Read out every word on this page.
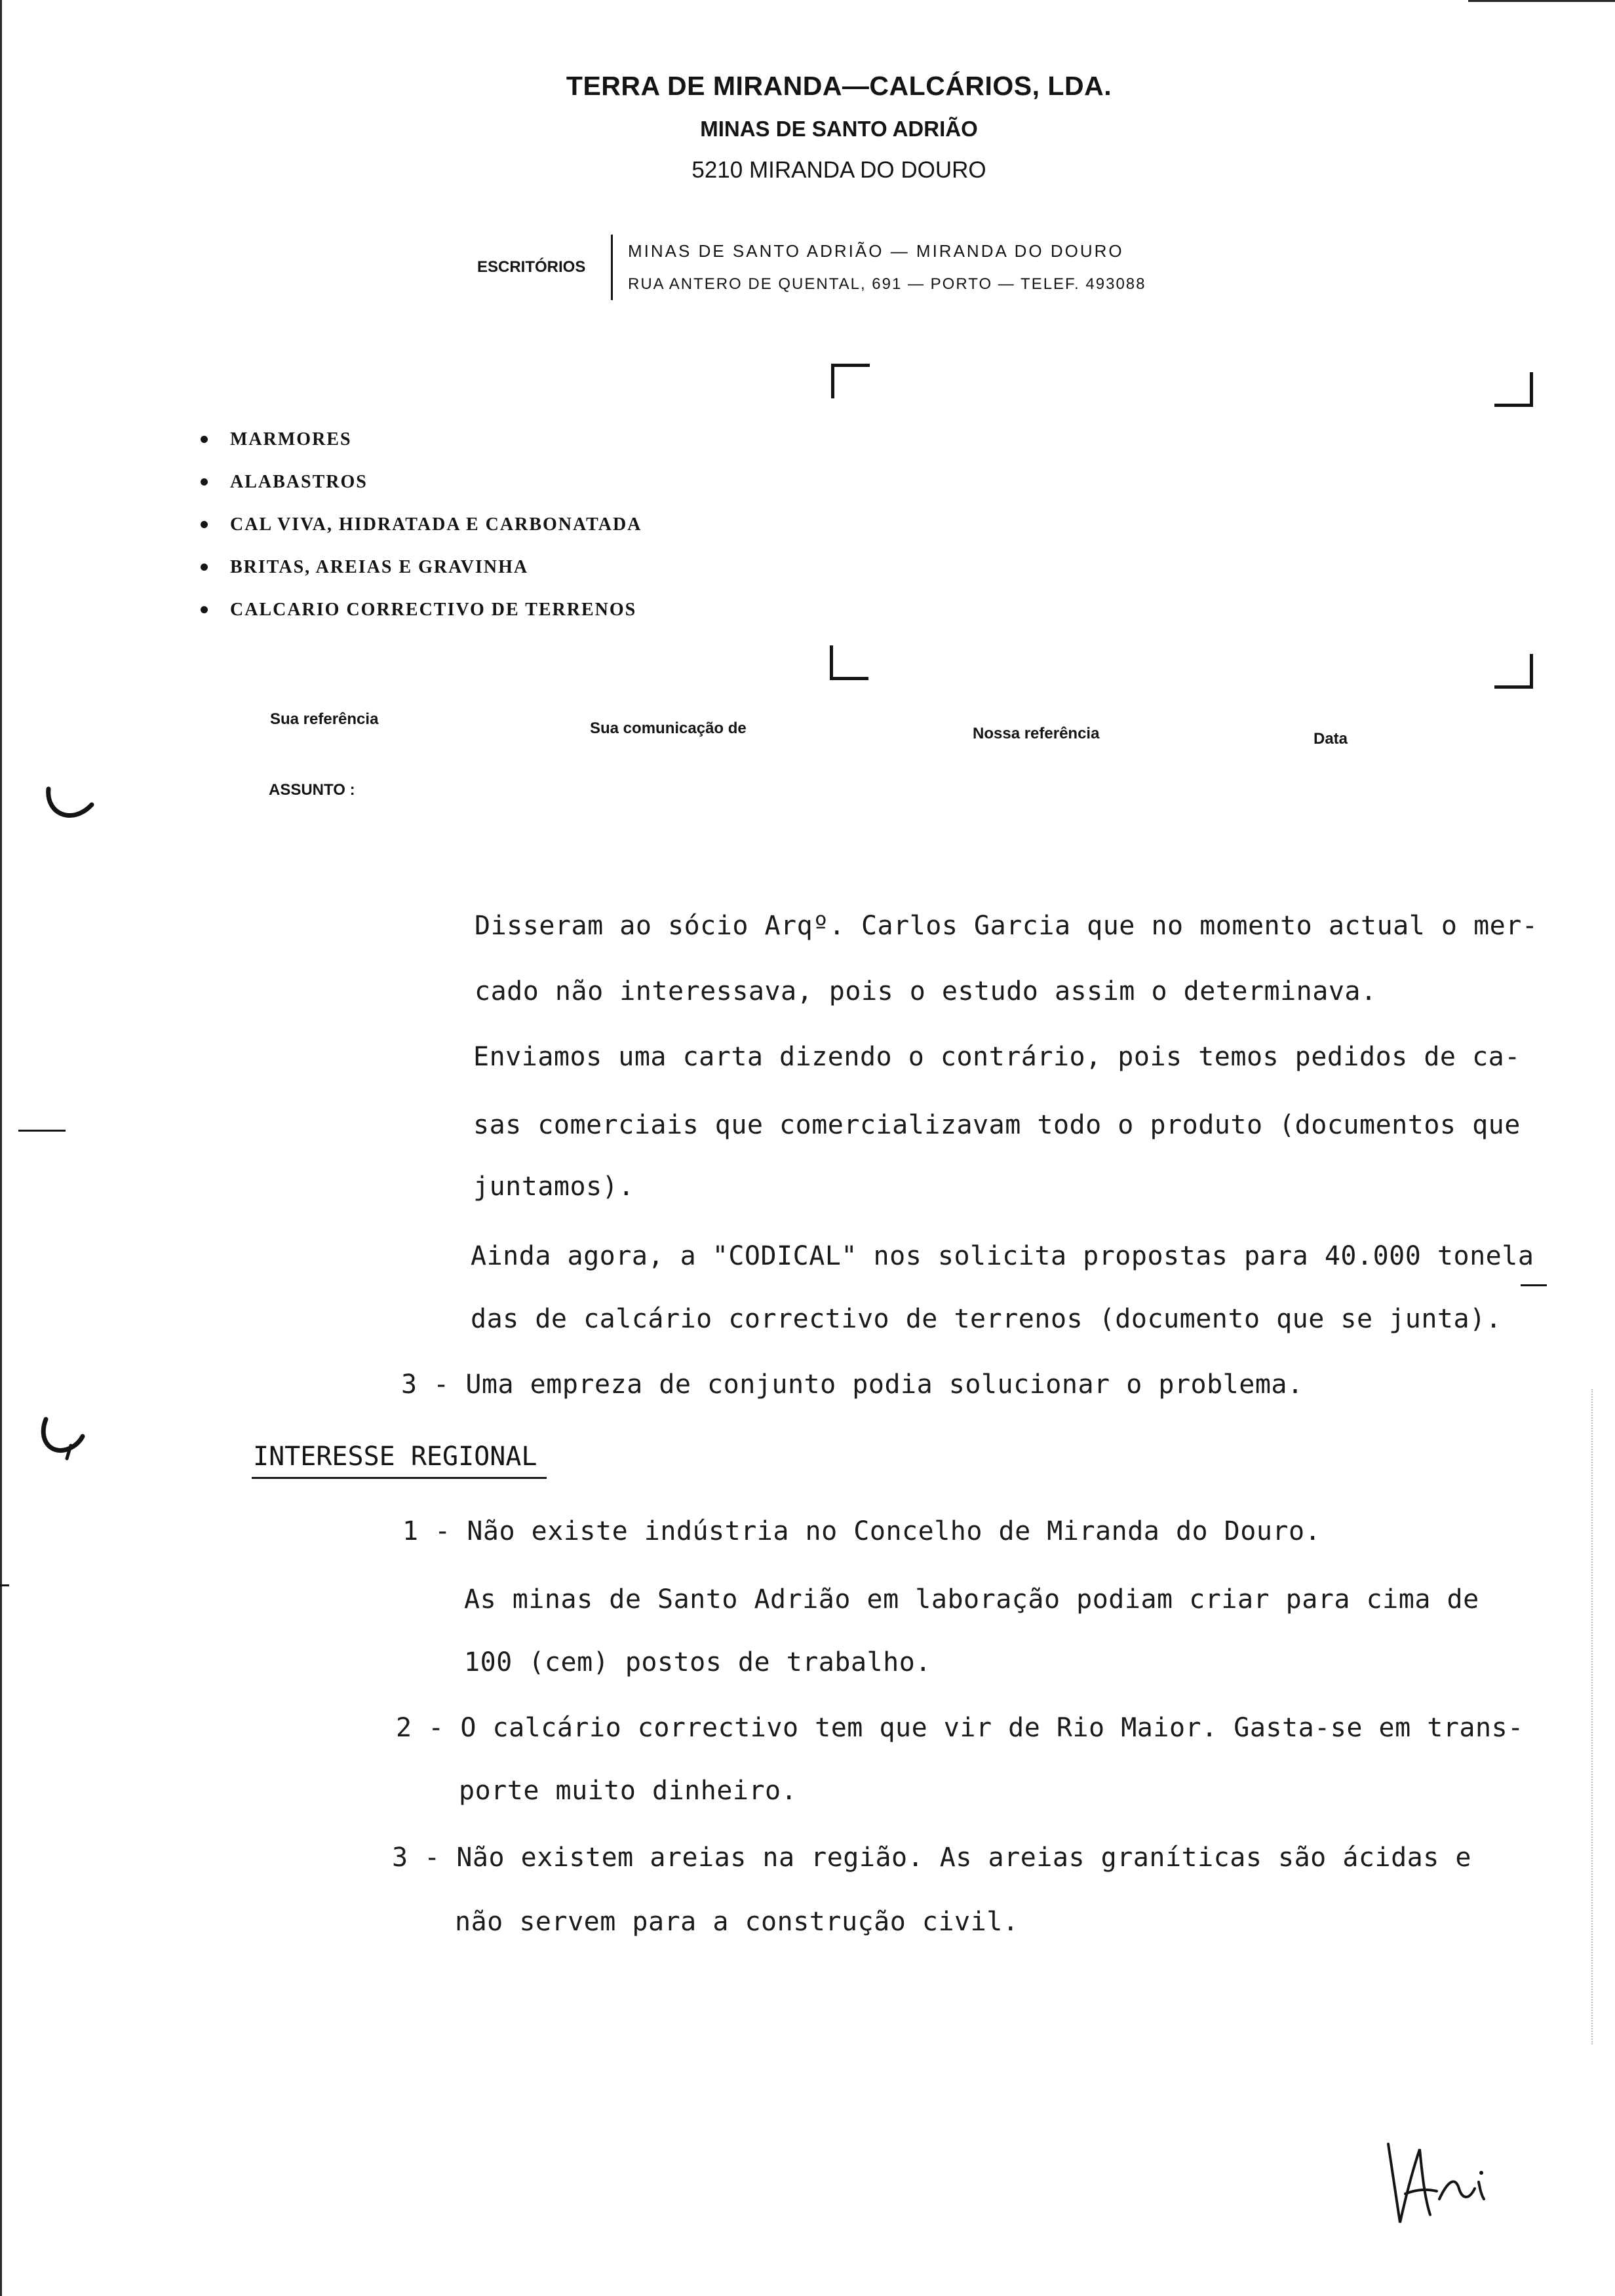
TERRA DE MIRANDA—CALCÁRIOS, LDA.
MINAS DE SANTO ADRIÃO
5210 MIRANDA DO DOURO
ESCRITÓRIOS
MINAS DE SANTO ADRIÃO — MIRANDA DO DOURO
RUA ANTERO DE QUENTAL, 691 — PORTO — TELEF. 493088
MARMORES
ALABASTROS
CAL VIVA, HIDRATADA E CARBONATADA
BRITAS, AREIAS E GRAVINHA
CALCARIO CORRECTIVO DE TERRENOS
Sua referência
Sua comunicação de	Nossa referência	Data
ASSUNTO :
Disseram ao sócio Arqº. Carlos Garcia que no momento actual o mer-
cado não interessava, pois o estudo assim o determinava.
Enviamos uma carta dizendo o contrário, pois temos pedidos de ca-
sas comerciais que comercializavam todo o produto (documentos que
juntamos).
Ainda agora, a "CODICAL" nos solicita propostas para 40.000 tonela
das de calcário correctivo de terrenos (documento que se junta).
3 - Uma empreza de conjunto podia solucionar o problema.
INTERESSE REGIONAL
1 - Não existe indústria no Concelho de Miranda do Douro.
As minas de Santo Adrião em laboração podiam criar para cima de
100 (cem) postos de trabalho.
2 - O calcário correctivo tem que vir de Rio Maior. Gasta-se em trans-
porte muito dinheiro.
3 - Não existem areias na região. As areias graníticas são ácidas e
não servem para a construção civil.
